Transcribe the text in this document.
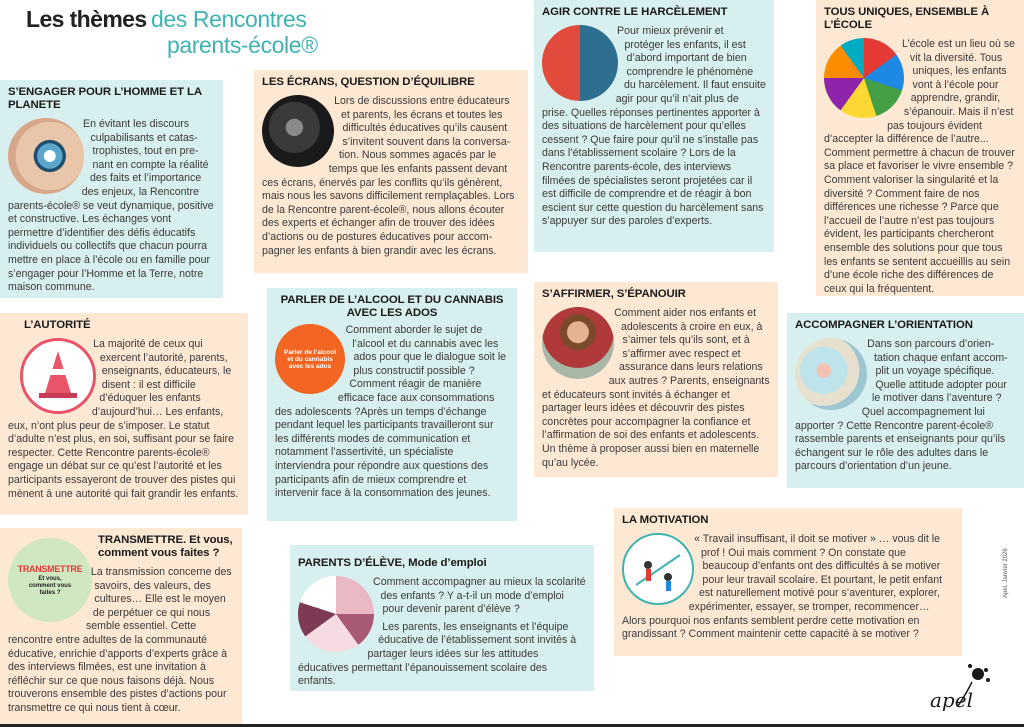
Les thèmes des Rencontres
parents-école®
S’ENGAGER POUR L’HOMME ET LA PLANETE

En évitant les discours culpabilisants et catas-trophistes, tout en pre-nant en compte la réalité des faits et l’importance des enjeux, la Rencontre parents-école® se veut dynamique, positive et constructive. Les échanges vont permettre d’identifier des défis éducatifs individuels ou collectifs que chacun pourra mettre en place à l’école ou en famille pour s’engager pour l’Homme et la Terre, notre maison commune.

LES ÉCRANS, QUESTION D’ÉQUILIBRE

Lors de discussions entre éducateurs et parents, les écrans et toutes les difficultés éducatives qu’ils causent s’invitent souvent dans la conversa-tion. Nous sommes agacés par le temps que les enfants passent devant ces écrans, énervés par les conflits qu’ils génèrent, mais nous les savons difficilement remplaçables. Lors de la Rencontre parent-école®, nous allons écouter des experts et échanger afin de trouver des idées d’actions ou de postures éducatives pour accom-pagner les enfants à bien grandir avec les écrans.

AGIR CONTRE LE HARCÈLEMENT

Pour mieux prévenir et protéger les enfants, il est d’abord important de bien comprendre le phénomène du harcèlement. Il faut ensuite agir pour qu’il n’ait plus de prise. Quelles réponses pertinentes apporter à des situations de harcèlement pour qu’elles cessent ? Que faire pour qu’il ne s’installe pas dans l’établissement scolaire ? Lors de la Rencontre parents-école, des interviews filmées de spécialistes seront projetées car il est difficile de comprendre et de réagir à bon escient sur cette question du harcèlement sans s’appuyer sur des paroles d’experts.

TOUS UNIQUES, ENSEMBLE À L’ÉCOLE

L’école est un lieu où se vit la diversité. Tous uniques, les enfants vont à l’école pour apprendre, grandir, s’épanouir. Mais il n’est pas toujours évident d’accepter la différence de l’autre... Comment permettre à chacun de trouver sa place et favoriser le vivre ensemble ? Comment valoriser la singularité et la diversité ? Comment faire de nos différences une richesse ? Parce que l’accueil de l’autre n’est pas toujours évident, les participants chercheront ensemble des solutions pour que tous les enfants se sentent accueillis au sein d’une école riche des différences de ceux qui la fréquentent.

L’AUTORITÉ

La majorité de ceux qui exercent l’autorité, parents, enseignants, éducateurs, le disent : il est difficile d’éduquer les enfants d’aujourd’hui… Les enfants, eux, n’ont plus peur de s’imposer. Le statut d’adulte n’est plus, en soi, suffisant pour se faire respecter. Cette Rencontre parents-école® engage un débat sur ce qu’est l’autorité et les participants essayeront de trouver des pistes qui mènent à une autorité qui fait grandir les enfants.

PARLER DE L’ALCOOL ET DU CANNABIS
AVEC LES ADOS
Parler de l’alcool et du cannabis avec les ados

Comment aborder le sujet de l’alcool et du cannabis avec les ados pour que le dialogue soit le plus constructif possible ? Comment réagir de manière efficace face aux consommations des adolescents ?Après un temps d’échange pendant lequel les participants travailleront sur les différents modes de communication et notamment l’assertivité, un spécialiste interviendra pour répondre aux questions des participants afin de mieux comprendre et intervenir face à la consommation des jeunes.

S’AFFIRMER, S’ÉPANOUIR

Comment aider nos enfants et adolescents à croire en eux, à s’aimer tels qu’ils sont, et à s’affirmer avec respect et assurance dans leurs relations aux autres ? Parents, enseignants et éducateurs sont invités à échanger et partager leurs idées et découvrir des pistes concrètes pour accompagner la confiance et l’affirmation de soi des enfants et adolescents. Un thème à proposer aussi bien en maternelle qu’au lycée.

ACCOMPAGNER L’ORIENTATION

Dans son parcours d’orien-tation chaque enfant accom-plit un voyage spécifique. Quelle attitude adopter pour le motiver dans l’aventure ? Quel accompagnement lui apporter ? Cette Rencontre parent-école® rassemble parents et enseignants pour qu’ils échangent sur le rôle des adultes dans le parcours d’orientation d’un jeune.

TRANSMETTRE. Et vous,
comment vous faites ?
TRANSMETTRE
Et vous, comment vous faites ?

La transmission concerne des savoirs, des valeurs, des cultures… Elle est le moyen de perpétuer ce qui nous semble essentiel. Cette rencontre entre adultes de la communauté éducative, enrichie d’apports d’experts grâce à des interviews filmées, est une invitation à réfléchir sur ce que nous faisons déjà. Nous trouverons ensemble des pistes d’actions pour transmettre ce qui nous tient à cœur.

PARENTS D’ÉLÈVE, Mode d’emploi

Comment accompagner au mieux la scolarité des enfants ? Y a-t-il un mode d’emploi pour devenir parent d’élève ?

Les parents, les enseignants et l’équipe éducative de l’établissement sont invités à partager leurs idées sur les attitudes éducatives permettant l’épanouissement scolaire des enfants.

LA MOTIVATION

« Travail insuffisant, il doit se motiver » … vous dit le prof ! Oui mais comment ? On constate que beaucoup d’enfants ont des difficultés à se motiver pour leur travail scolaire. Et pourtant, le petit enfant est naturellement motivé pour s’aventurer, explorer, expérimenter, essayer, se tromper, recommencer… Alors pourquoi nos enfants semblent perdre cette motivation en grandissant ? Comment maintenir cette capacité à se motiver ?

Apel, Janvier 2026
apel
